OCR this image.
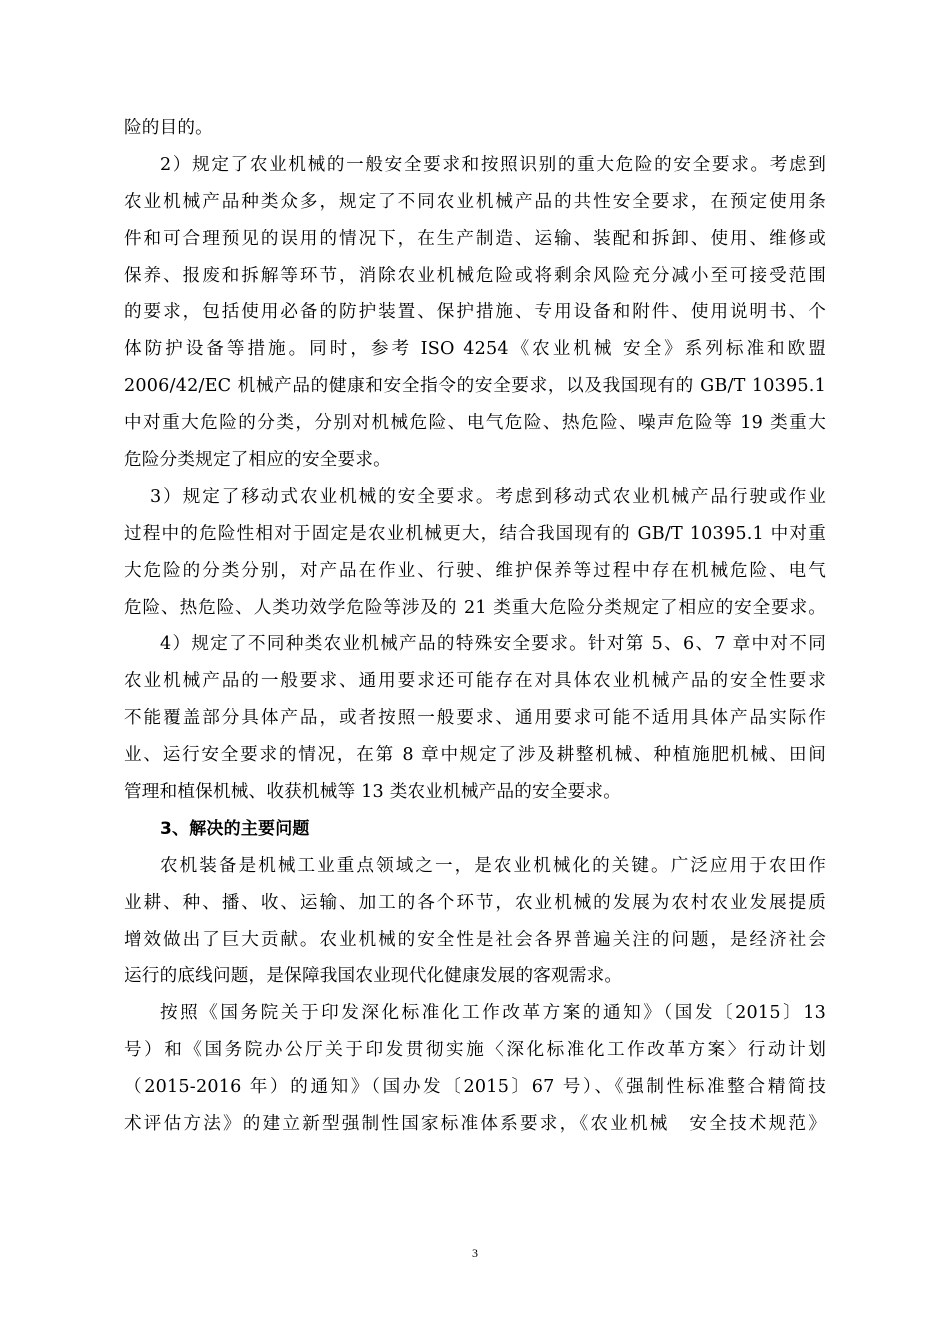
险的目的。
2）规定了农业机械的一般安全要求和按照识别的重大危险的安全要求。考虑到
农业机械产品种类众多，规定了不同农业机械产品的共性安全要求，在预定使用条
件和可合理预见的误用的情况下，在生产制造、运输、装配和拆卸、使用、维修或
保养、报废和拆解等环节，消除农业机械危险或将剩余风险充分减小至可接受范围
的要求，包括使用必备的防护装置、保护措施、专用设备和附件、使用说明书、个
体防护设备等措施。同时，参考 ISO 4254《农业机械 安全》系列标准和欧盟
2006/42/EC 机械产品的健康和安全指令的安全要求，以及我国现有的 GB/T 10395.1
中对重大危险的分类，分别对机械危险、电气危险、热危险、噪声危险等 19 类重大
危险分类规定了相应的安全要求。
3）规定了移动式农业机械的安全要求。考虑到移动式农业机械产品行驶或作业
过程中的危险性相对于固定是农业机械更大，结合我国现有的 GB/T 10395.1 中对重
大危险的分类分别，对产品在作业、行驶、维护保养等过程中存在机械危险、电气
危险、热危险、人类功效学危险等涉及的 21 类重大危险分类规定了相应的安全要求。
4）规定了不同种类农业机械产品的特殊安全要求。针对第 5、6、7 章中对不同
农业机械产品的一般要求、通用要求还可能存在对具体农业机械产品的安全性要求
不能覆盖部分具体产品，或者按照一般要求、通用要求可能不适用具体产品实际作
业、运行安全要求的情况，在第 8 章中规定了涉及耕整机械、种植施肥机械、田间
管理和植保机械、收获机械等 13 类农业机械产品的安全要求。
3、解决的主要问题
农机装备是机械工业重点领域之一，是农业机械化的关键。广泛应用于农田作
业耕、种、播、收、运输、加工的各个环节，农业机械的发展为农村农业发展提质
增效做出了巨大贡献。农业机械的安全性是社会各界普遍关注的问题，是经济社会
运行的底线问题，是保障我国农业现代化健康发展的客观需求。
按照《国务院关于印发深化标准化工作改革方案的通知》（国发〔2015〕13
号）和《国务院办公厅关于印发贯彻实施〈深化标准化工作改革方案〉行动计划
（2015-2016 年）的通知》（国办发〔2015〕67 号）、《强制性标准整合精简技
术评估方法》的建立新型强制性国家标准体系要求，《农业机械　安全技术规范》
3
